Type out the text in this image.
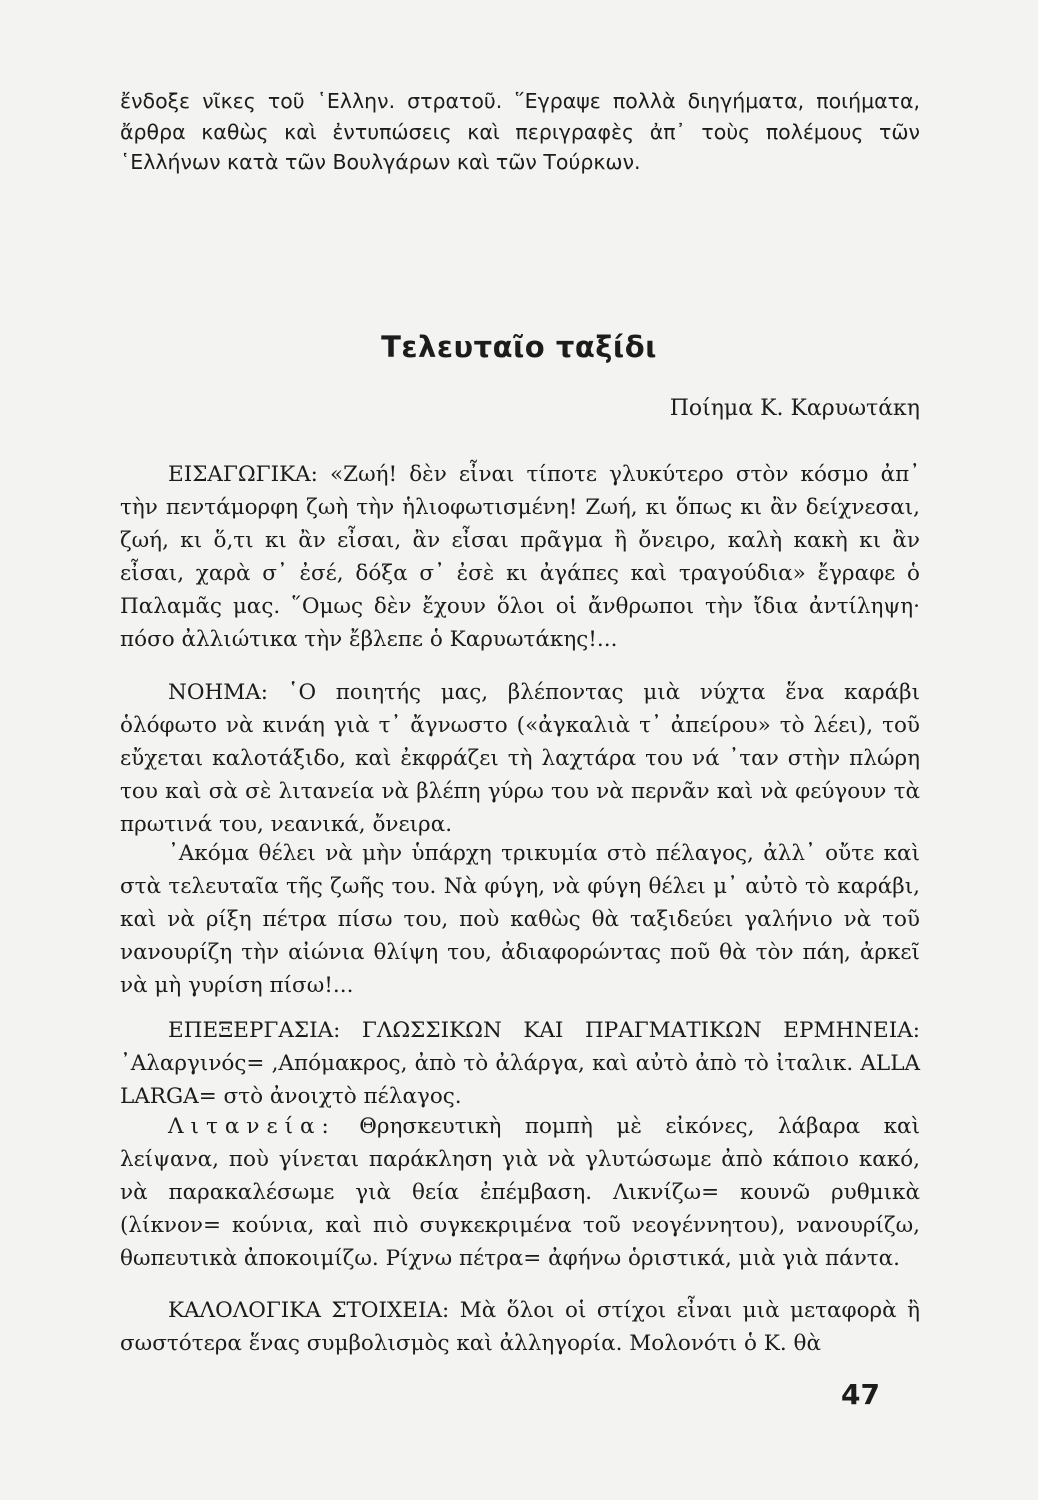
ἔνδοξε νῖκες τοῦ ῾Ελλην. στρατοῦ. ῞Εγραψε πολλὰ διηγήματα, ποιήματα, ἄρθρα καθὼς καὶ ἐντυπώσεις καὶ περιγραφὲς ἀπ᾿ τοὺς πολέμους τῶν ῾Ελλήνων κατὰ τῶν Βουλγάρων καὶ τῶν Τούρκων.

Τελευταῖο ταξίδι

Ποίημα Κ. Καρυωτάκη

ΕΙΣΑΓΩΓΙΚΑ: «Ζωή! δὲν εἶναι τίποτε γλυκύτερο στὸν κόσμο ἀπ᾿ τὴν πεντάμορφη ζωὴ τὴν ἡλιοφωτισμένη! Ζωή, κι ὅπως κι ἂν δείχνεσαι, ζωή, κι ὅ,τι κι ἂν εἶσαι, ἂν εἶσαι πρᾶγμα ἢ ὄνειρο, καλὴ κακὴ κι ἂν εἶσαι, χαρὰ σ᾿ ἐσέ, δόξα σ᾿ ἐσὲ κι ἀγάπες καὶ τραγούδια» ἔγραφε ὁ Παλαμᾶς μας. ῞Ομως δὲν ἔχουν ὅλοι οἱ ἄνθρωποι τὴν ἴδια ἀντίληψη· πόσο ἀλλιώτικα τὴν ἔβλεπε ὁ Καρυωτάκης!...

ΝΟΗΜΑ: ῾Ο ποιητής μας, βλέποντας μιὰ νύχτα ἕνα καράβι ὁλόφωτο νὰ κινάη γιὰ τ᾿ ἄγνωστο («ἀγκαλιὰ τ᾿ ἀπείρου» τὸ λέει), τοῦ εὔχεται καλοτάξιδο, καὶ ἐκφράζει τὴ λαχτάρα του νά ᾿ταν στὴν πλώρη του καὶ σὰ σὲ λιτανεία νὰ βλέπη γύρω του νὰ περνᾶν καὶ νὰ φεύγουν τὰ πρωτινά του, νεανικά, ὄνειρα.

᾿Ακόμα θέλει νὰ μὴν ὑπάρχη τρικυμία στὸ πέλαγος, ἀλλ᾿ οὔτε καὶ στὰ τελευταῖα τῆς ζωῆς του. Νὰ φύγη, νὰ φύγη θέλει μ᾿ αὐτὸ τὸ καράβι, καὶ νὰ ρίξη πέτρα πίσω του, ποὺ καθὼς θὰ ταξιδεύει γαλήνιο νὰ τοῦ νανουρίζη τὴν αἰώνια θλίψη του, ἀδιαφορώντας ποῦ θὰ τὸν πάη, ἀρκεῖ νὰ μὴ γυρίση πίσω!...

ΕΠΕΞΕΡΓΑΣΙΑ: ΓΛΩΣΣΙΚΩΝ ΚΑΙ ΠΡΑΓΜΑΤΙΚΩΝ ΕΡΜΗΝΕΙΑ: ᾿Αλαργινός= ,Απόμακρος, ἀπὸ τὸ ἀλάργα, καὶ αὐτὸ ἀπὸ τὸ ἰταλικ. ALLA LARGA= στὸ ἀνοιχτὸ πέλαγος.

Λιτανεία: Θρησκευτικὴ πομπὴ μὲ εἰκόνες, λάβαρα καὶ λείψανα, ποὺ γίνεται παράκληση γιὰ νὰ γλυτώσωμε ἀπὸ κάποιο κακό, νὰ παρακαλέσωμε γιὰ θεία ἐπέμβαση. Λικνίζω= κουνῶ ρυθμικὰ (λίκνον= κούνια, καὶ πιὸ συγκεκριμένα τοῦ νεογέννητου), νανουρίζω, θωπευτικὰ ἀποκοιμίζω. Ρίχνω πέτρα= ἀφήνω ὁριστικά, μιὰ γιὰ πάντα.

ΚΑΛΟΛΟΓΙΚΑ ΣΤΟΙΧΕΙΑ: Μὰ ὅλοι οἱ στίχοι εἶναι μιὰ μεταφορὰ ἢ σωστότερα ἕνας συμβολισμὸς καὶ ἀλληγορία. Μολονότι ὁ Κ. θὰ

47
